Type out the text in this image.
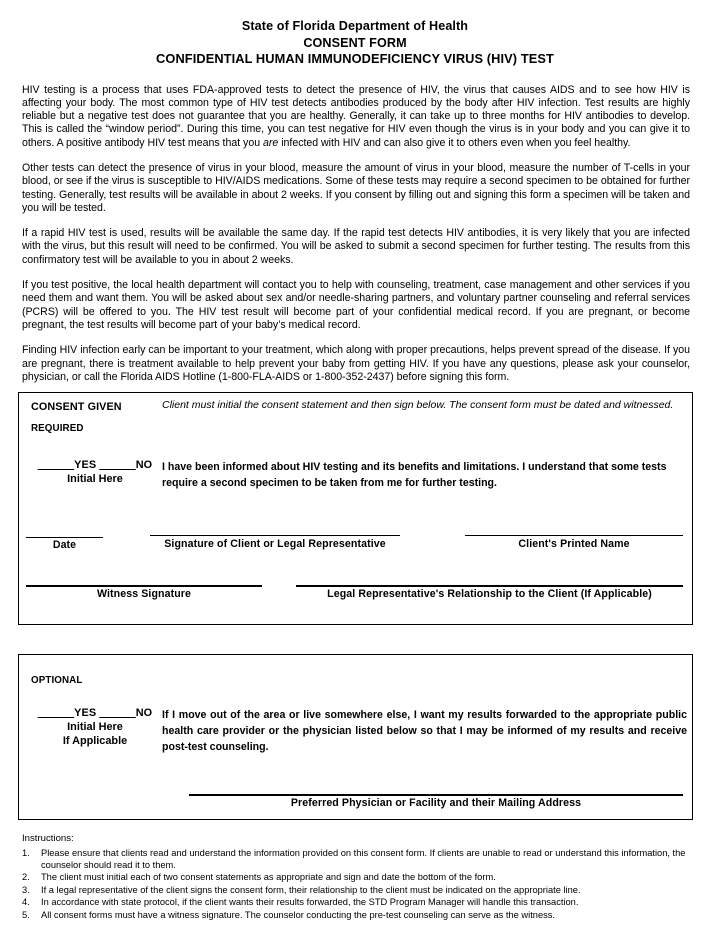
State of Florida Department of Health
CONSENT FORM
CONFIDENTIAL HUMAN IMMUNODEFICIENCY VIRUS (HIV) TEST
HIV testing is a process that uses FDA-approved tests to detect the presence of HIV, the virus that causes AIDS and to see how HIV is affecting your body. The most common type of HIV test detects antibodies produced by the body after HIV infection. Test results are highly reliable but a negative test does not guarantee that you are healthy. Generally, it can take up to three months for HIV antibodies to develop. This is called the “window period”. During this time, you can test negative for HIV even though the virus is in your body and you can give it to others. A positive antibody HIV test means that you are infected with HIV and can also give it to others even when you feel healthy.
Other tests can detect the presence of virus in your blood, measure the amount of virus in your blood, measure the number of T-cells in your blood, or see if the virus is susceptible to HIV/AIDS medications. Some of these tests may require a second specimen to be obtained for further testing. Generally, test results will be available in about 2 weeks. If you consent by filling out and signing this form a specimen will be taken and you will be tested.
If a rapid HIV test is used, results will be available the same day. If the rapid test detects HIV antibodies, it is very likely that you are infected with the virus, but this result will need to be confirmed. You will be asked to submit a second specimen for further testing. The results from this confirmatory test will be available to you in about 2 weeks.
If you test positive, the local health department will contact you to help with counseling, treatment, case management and other services if you need them and want them. You will be asked about sex and/or needle-sharing partners, and voluntary partner counseling and referral services (PCRS) will be offered to you. The HIV test result will become part of your confidential medical record. If you are pregnant, or become pregnant, the test results will become part of your baby’s medical record.
Finding HIV infection early can be important to your treatment, which along with proper precautions, helps prevent spread of the disease. If you are pregnant, there is treatment available to help prevent your baby from getting HIV. If you have any questions, please ask your counselor, physician, or call the Florida AIDS Hotline (1-800-FLA-AIDS or 1-800-352-2437) before signing this form.
CONSENT GIVEN
REQUIRED
Client must initial the consent statement and then sign below. The consent form must be dated and witnessed.
______YES ______NO
Initial Here
I have been informed about HIV testing and its benefits and limitations. I understand that some tests require a second specimen to be taken from me for further testing.
Date	Signature of Client or Legal Representative	Client's Printed Name
Witness Signature	Legal Representative's Relationship to the Client (If Applicable)
OPTIONAL
______YES ______NO
Initial Here
If Applicable
If I move out of the area or live somewhere else, I want my results forwarded to the appropriate public health care provider or the physician listed below so that I may be informed of my results and receive post-test counseling.
Preferred Physician or Facility and their Mailing Address
Instructions:
1.	Please ensure that clients read and understand the information provided on this consent form. If clients are unable to read or understand this information, the counselor should read it to them.
2.	The client must initial each of two consent statements as appropriate and sign and date the bottom of the form.
3.	If a legal representative of the client signs the consent form, their relationship to the client must be indicated on the appropriate line.
4.	In accordance with state protocol, if the client wants their results forwarded, the STD Program Manager will handle this transaction.
5.	All consent forms must have a witness signature. The counselor conducting the pre-test counseling can serve as the witness.
